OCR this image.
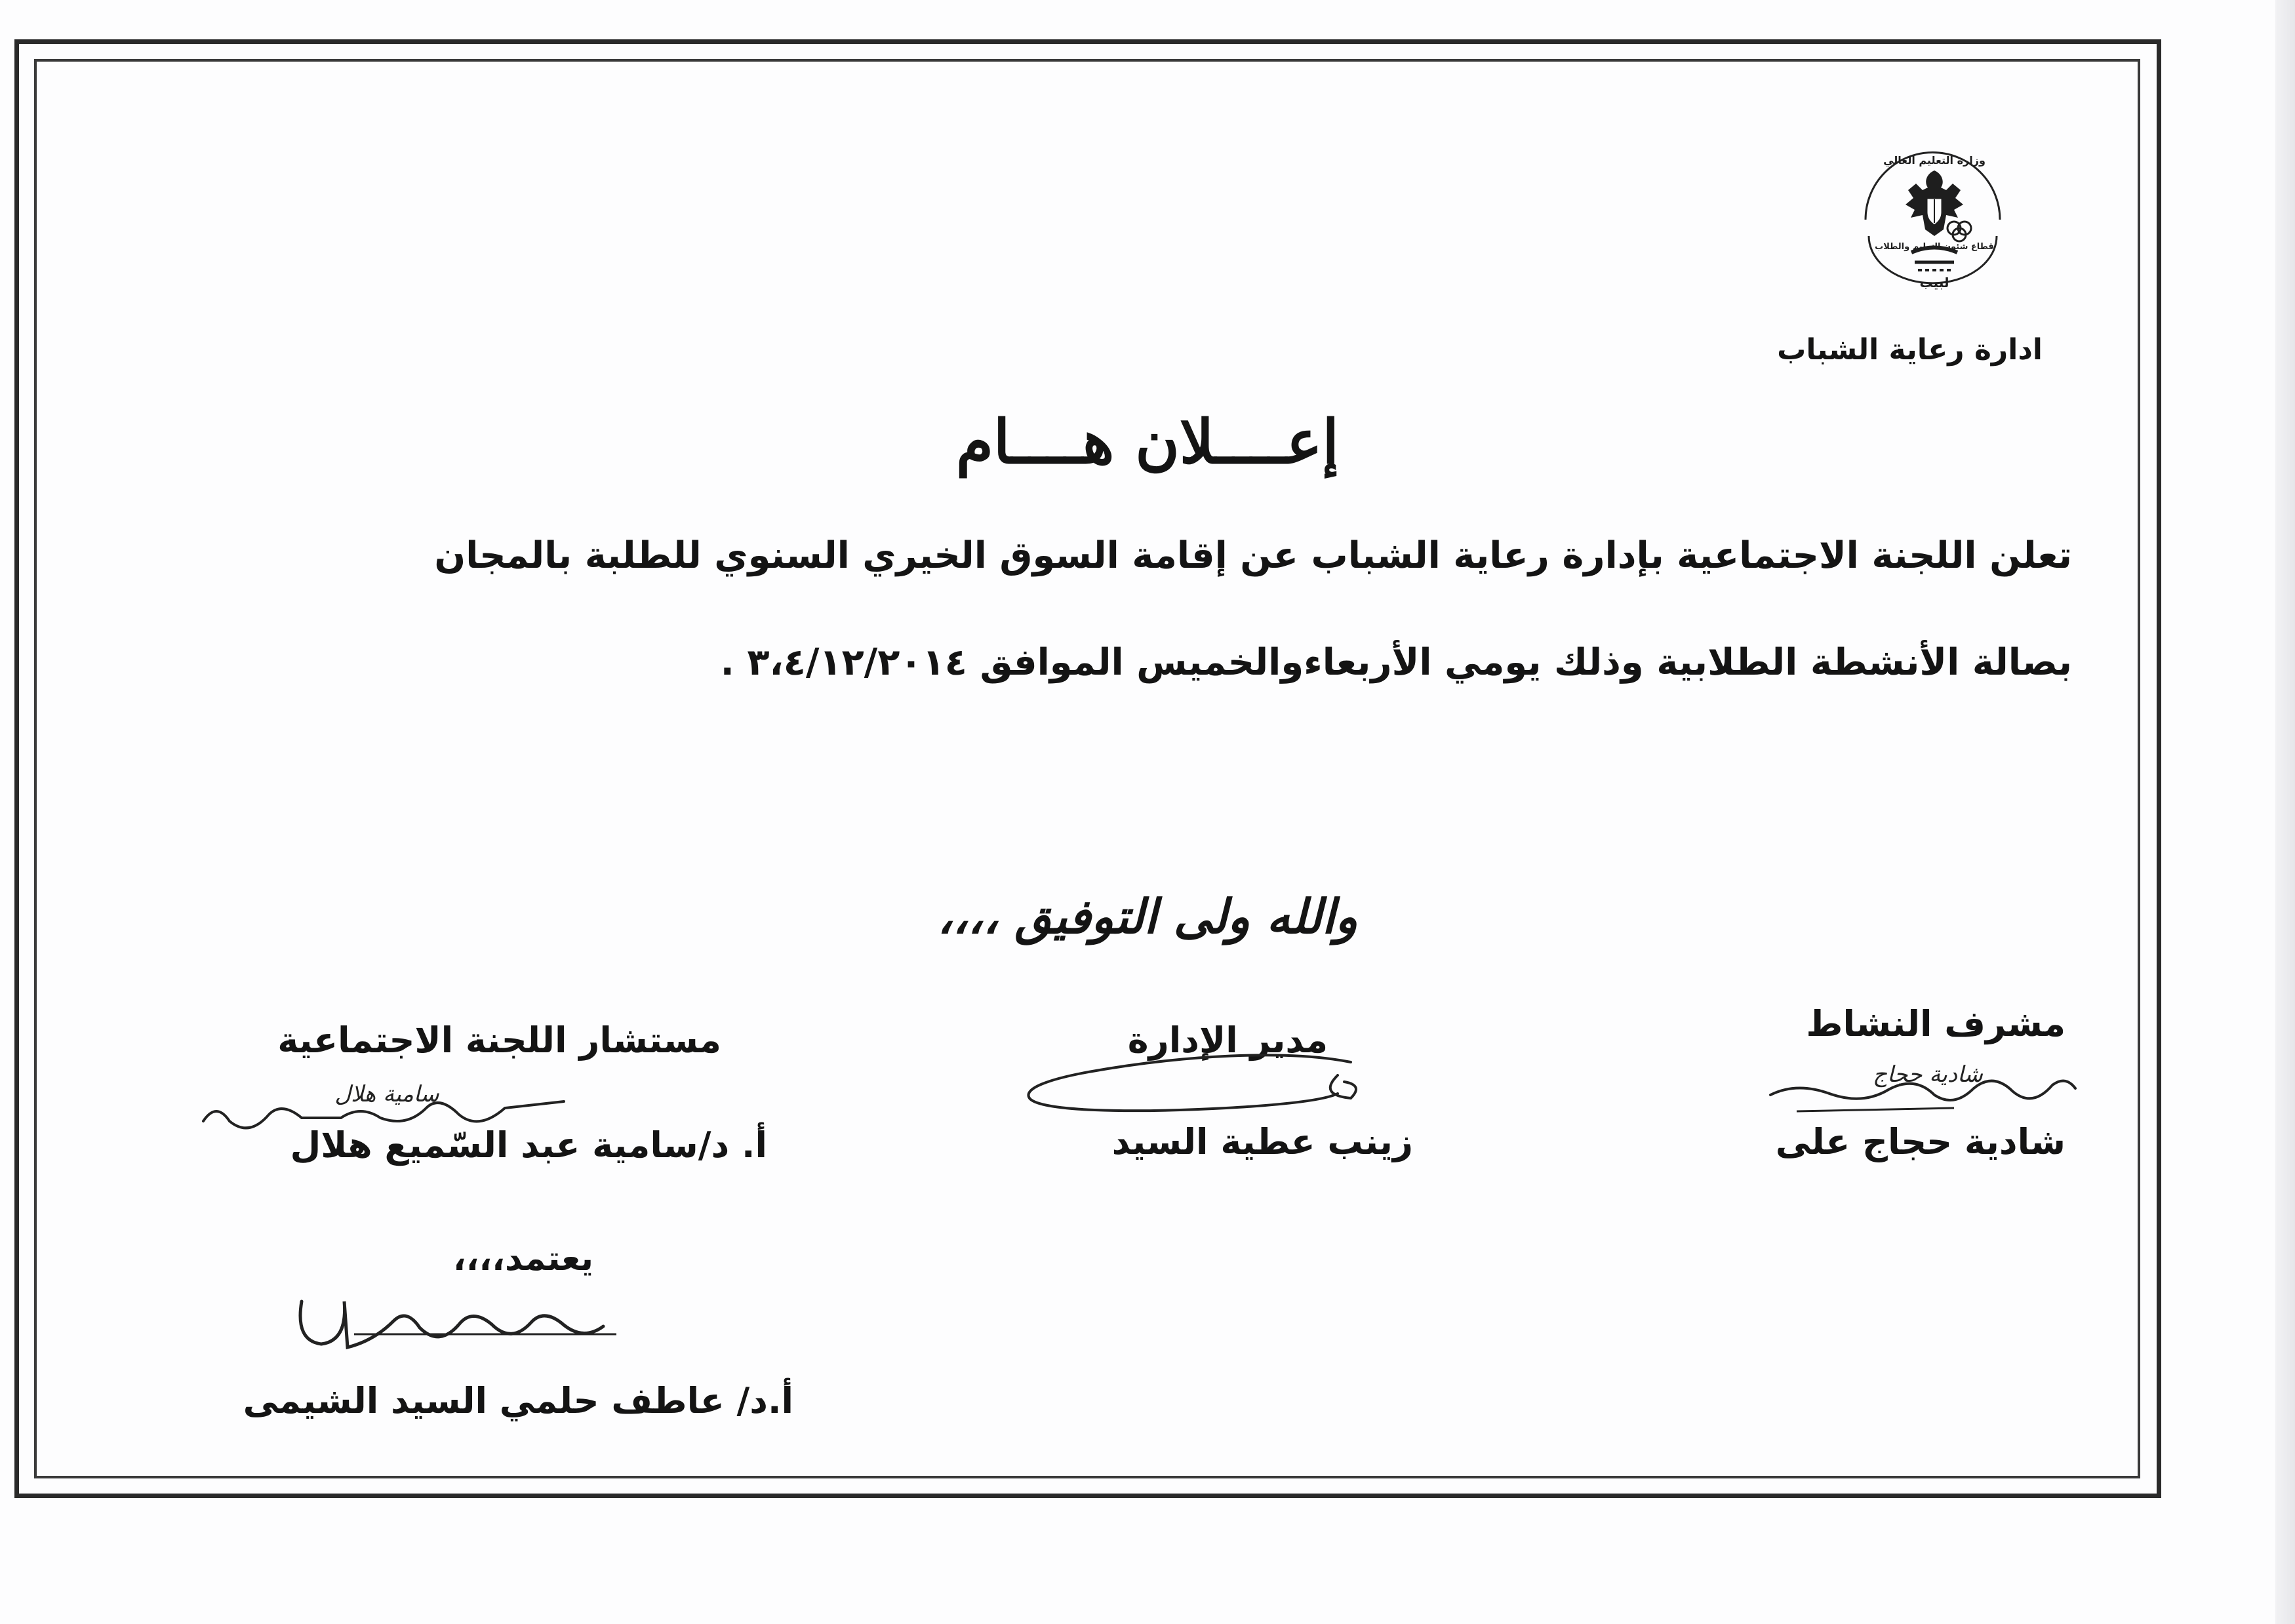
وزارة التعليم العالي
قطاع شئون التعليم والطلاب
لبيب
ادارة رعاية الشباب
إعــــلان هــــام
تعلن اللجنة الاجتماعية بإدارة رعاية الشباب عن إقامة السوق الخيري السنوي للطلبة بالمجان
بصالة الأنشطة الطلابية وذلك يومي الأربعاءوالخميس الموافق ٣،٤/١٢/٢٠١٤ .
والله ولى التوفيق ،،،،
مشرف النشاط
مدير الإدارة
مستشار اللجنة الاجتماعية
شادية حجاج
سامية هلال
شادية حجاج على
زينب عطية السيد
أ. د/سامية عبد السّميع هلال
يعتمد،،،،
أ.د/ عاطف حلمي السيد الشيمى
